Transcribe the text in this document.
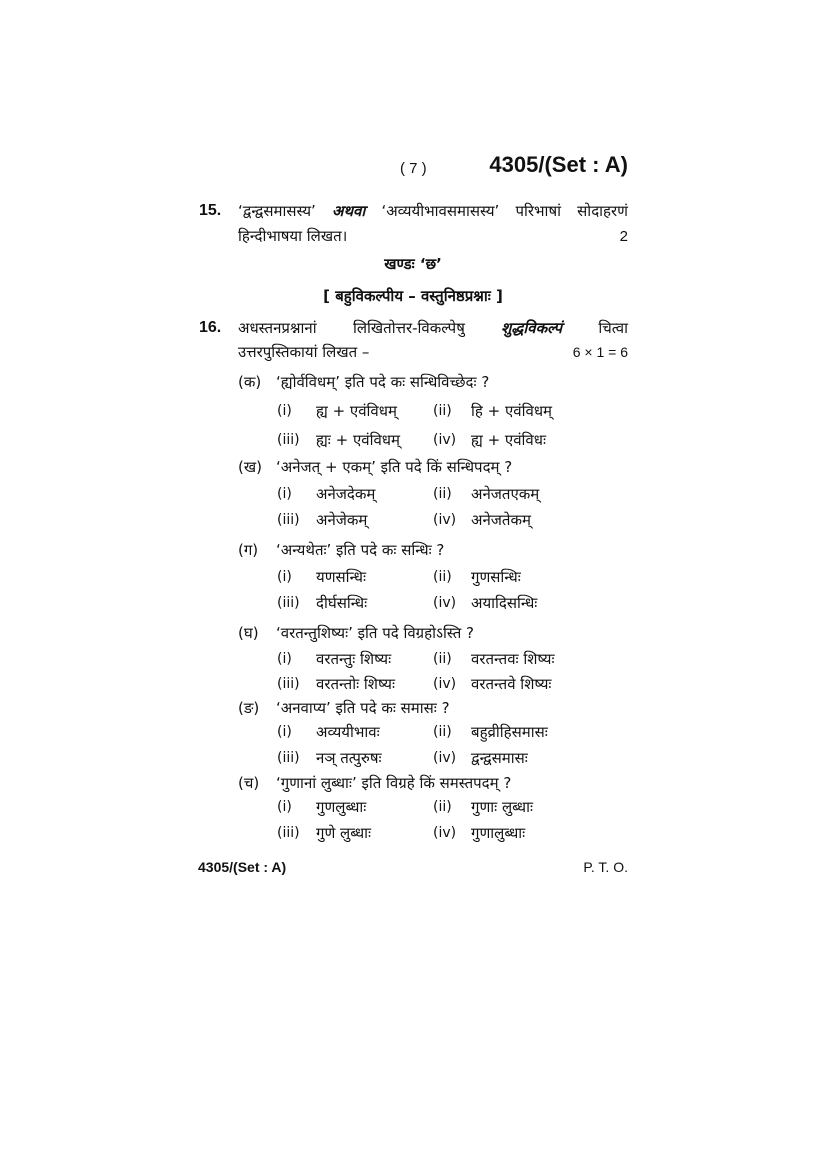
( 7 )	4305/(Set : A)
15. ‘द्वन्द्वसमासस्य’ अथवा ‘अव्ययीभावसमासस्य’ परिभाषां सोदाहरणं
हिन्दीभाषया लिखत।	2
खण्डः ‘छ’
[ बहुविकल्पीय – वस्तुनिष्ठप्रश्नाः ]
16. अधस्तनप्रश्नानां लिखितोत्तर-विकल्पेषु शुद्धविकल्पं चित्वा
उत्तरपुस्तिकायां लिखत –	6 × 1 = 6
(क) ‘ह्योर्वविधम्’ इति पदे कः सन्धिविच्छेदः ?
(i) ह्य + एवंविधम्	(ii) हि + एवंविधम्
(iii) ह्यः + एवंविधम् (iv) ह्य + एवंविधः
(ख) ‘अनेजत् + एकम्’ इति पदे किं सन्धिपदम् ?
(i) अनेजदेकम्	(ii) अनेजतएकम्
(iii) अनेजेकम्	(iv) अनेजतेकम्
(ग) ‘अन्यथेतः’ इति पदे कः सन्धिः ?
(i) यणसन्धिः	(ii) गुणसन्धिः
(iii) दीर्घसन्धिः	(iv) अयादिसन्धिः
(घ) ‘वरतन्तुशिष्यः’ इति पदे विग्रहोऽस्ति ?
(i) वरतन्तुः शिष्यः	(ii) वरतन्तवः शिष्यः
(iii) वरतन्तोः शिष्यः	(iv) वरतन्तवे शिष्यः
(ङ) ‘अनवाप्य’ इति पदे कः समासः ?
(i) अव्ययीभावः	(ii) बहुव्रीहिसमासः
(iii) नञ् तत्पुरुषः	(iv) द्वन्द्वसमासः
(च) ‘गुणानां लुब्धाः’ इति विग्रहे किं समस्तपदम् ?
(i) गुणलुब्धाः	(ii) गुणाः लुब्धाः
(iii) गुणे लुब्धाः	(iv) गुणालुब्धाः
4305/(Set : A)	P. T. O.
